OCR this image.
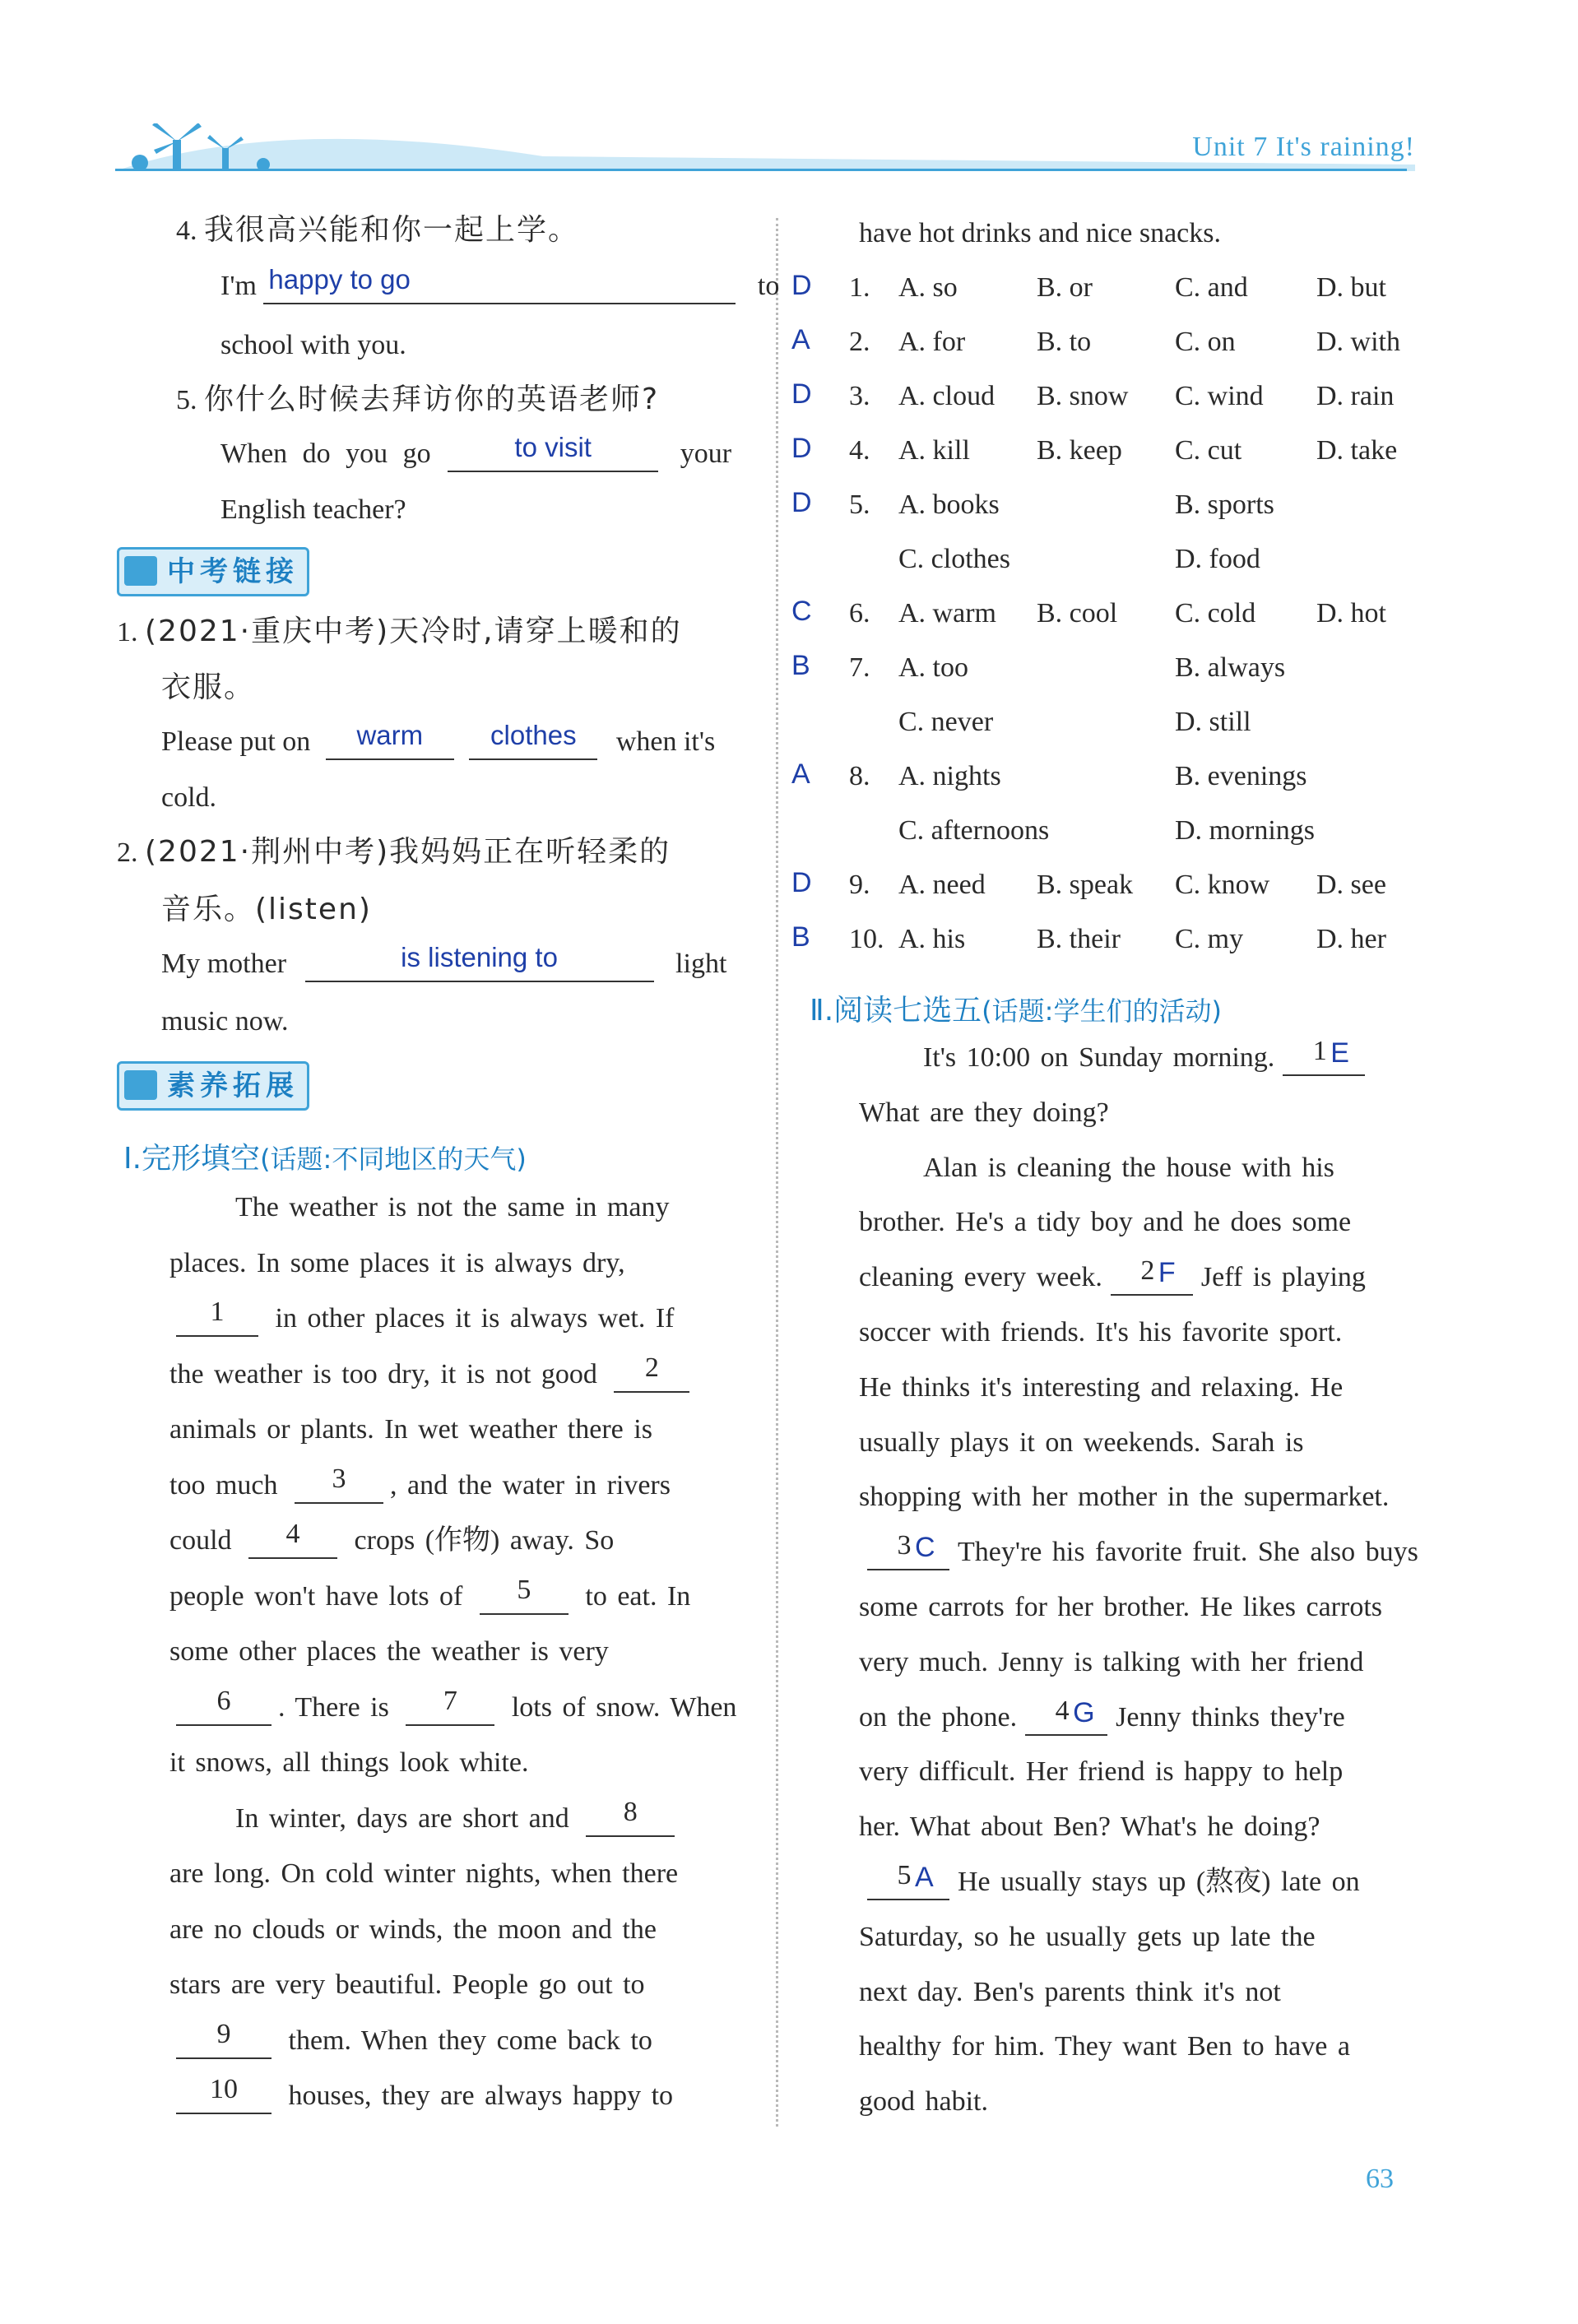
Unit 7 It's raining!
4. 我很高兴能和你一起上学。
I'm happy to go	to
school with you.
5. 你什么时候去拜访你的英语老师?
When do you go	to visit	your
English teacher?
中考链接
1. (2021·重庆中考)天冷时,请穿上暖和的
衣服。
Please put on	warm
	clothes	when it's
cold.
2. (2021·荆州中考)我妈妈正在听轻柔的
音乐。(listen)
My mother	is listening to	light
music now.
素养拓展
Ⅰ.完形填空(话题:不同地区的天气)
The weather is not the same in many
places. In some places it is always dry,
1	in other places it is always wet. If
the weather is too dry, it is not good	2
animals or plants. In wet weather there is
too much	3	, and the water in rivers
could	4	crops (作物) away. So
people won't have lots of	5	to eat. In
some other places the weather is very
6	. There is	7	lots of snow. When
it snows, all things look white.
In winter, days are short and	8
are long. On cold winter nights, when there
are no clouds or winds, the moon and the
stars are very beautiful. People go out to
9	them. When they come back to
10	houses, they are always happy to
have hot drinks and nice snacks.
D 1. A. so	B. or	C. and D. but
A 2. A. for	B. to	C. on	D. with
D 3. A. cloud B. snow C. wind D. rain
D 4. A. kill B. keep C. cut	D. take
D 5. A. books	B. sports
C. clothes	D. food
C 6. A. warm B. cool C. cold D. hot
B 7. A. too	B. always
C. never	D. still
A 8. A. nights	B. evenings
C. afternoons	D. mornings
D 9. A. need B. speak C. know D. see
B 10. A. his	B. their C. my	D. her
Ⅱ.阅读七选五(话题:学生们的活动)
It's 10:00 on Sunday morning.	1 E
What are they doing?
Alan is cleaning the house with his
brother. He's a tidy boy and he does some
cleaning every week.	2 F Jeff is playing
soccer with friends. It's his favorite sport.
He thinks it's interesting and relaxing. He
usually plays it on weekends. Sarah is
shopping with her mother in the supermarket.
3 C They're his favorite fruit. She also buys
some carrots for her brother. He likes carrots
very much. Jenny is talking with her friend
on the phone.	4 G Jenny thinks they're
very difficult. Her friend is happy to help
her. What about Ben? What's he doing?
5 A He usually stays up (熬夜) late on
Saturday, so he usually gets up late the
next day. Ben's parents think it's not
healthy for him. They want Ben to have a
good habit.
63
